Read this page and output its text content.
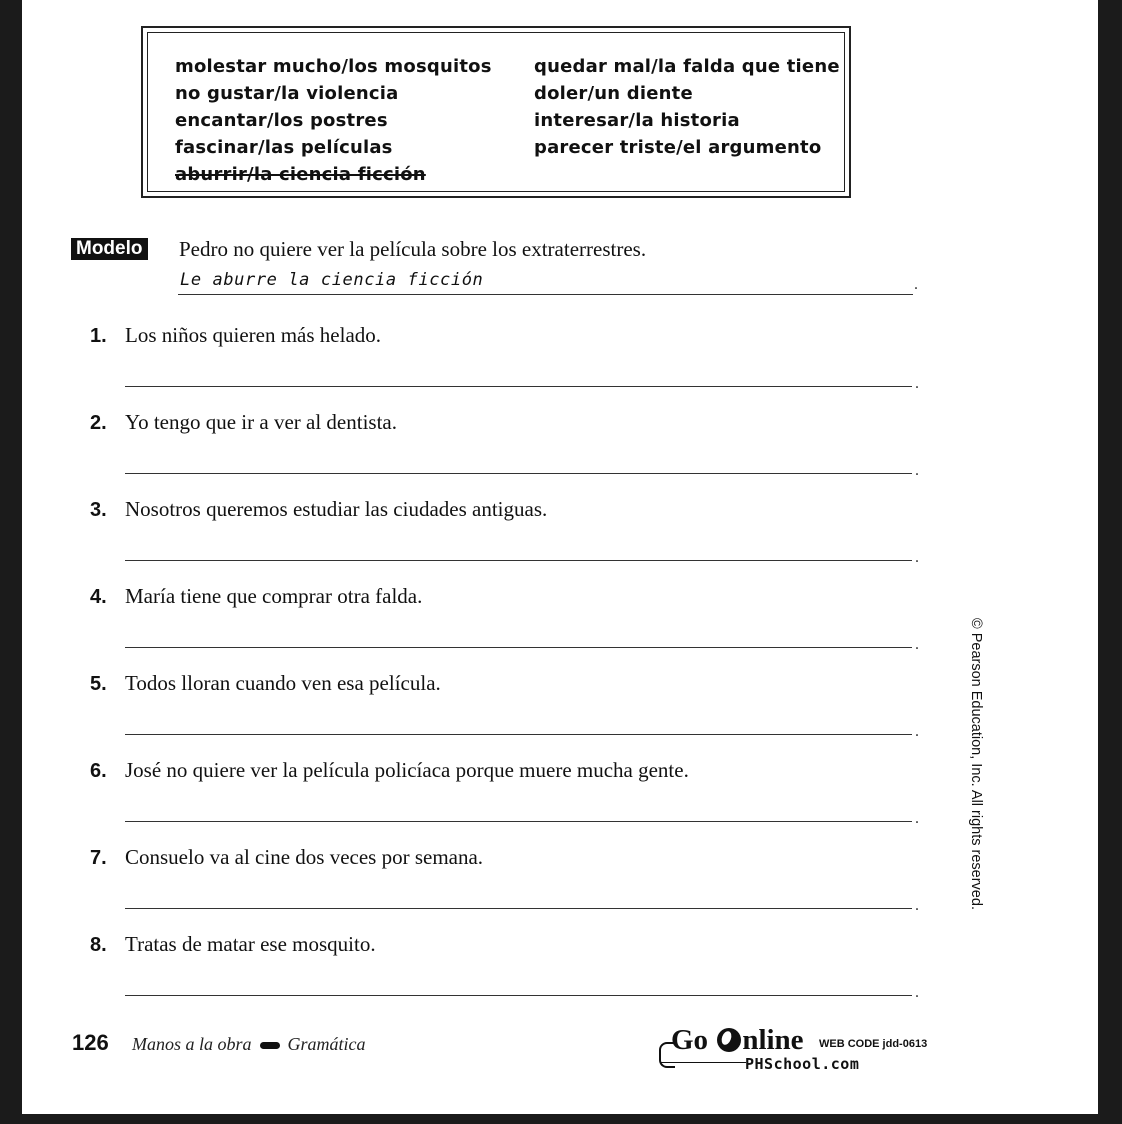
molestar mucho/los mosquitos
no gustar/la violencia
encantar/los postres
fascinar/las películas
aburrir/la ciencia ficción
quedar mal/la falda que tiene
doler/un diente
interesar/la historia
parecer triste/el argumento
Modelo Pedro no quiere ver la película sobre los extraterrestres.
Le aburre la ciencia ficción	.
1. Los niños quieren más helado.
.
2. Yo tengo que ir a ver al dentista.
.
3. Nosotros queremos estudiar las ciudades antiguas.
.
4. María tiene que comprar otra falda.
.
5. Todos lloran cuando ven esa película.
.
6. José no quiere ver la película policíaca porque muere mucha gente.
.
7. Consuelo va al cine dos veces por semana.
.
8. Tratas de matar ese mosquito.
.
126 Manos a la obra Gramática	Go nline WEB CODE jdd-0613
PHSchool.com
© Pearson Education, Inc. All rights reserved.
